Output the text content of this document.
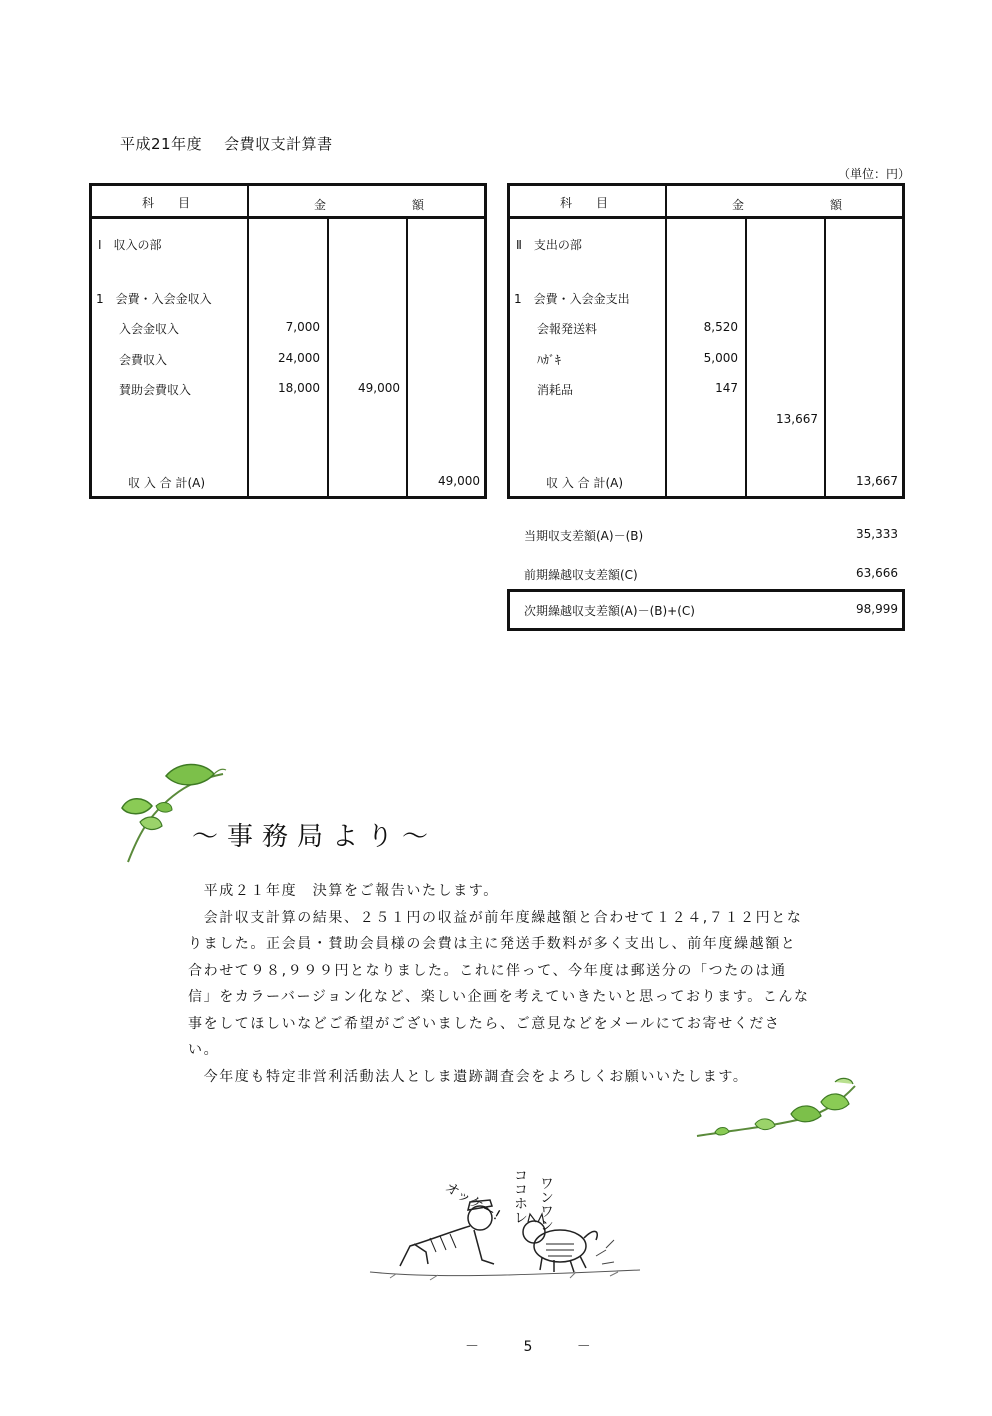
平成21年度 会費収支計算書
（単位：円）
科　　目	金	額
Ⅰ　収入の部
1　会費・入会金収入
入会金収入	7,000
会費収入	24,000
賛助会費収入	18,000	49,000
収 入 合 計(A)	49,000
科　　目	金	額
Ⅱ　支出の部
1　会費・入会金支出
会報発送料	8,520
ﾊｶﾞｷ	5,000
消耗品	147
13,667
収 入 合 計(A)	13,667
当期収支差額(A)－(B)	35,333
前期繰越収支差額(C)	63,666
次期繰越収支差額(A)－(B)+(C)	98,999
～事務局より～

　平成２１年度　決算をご報告いたします。

　会計収支計算の結果、２５１円の収益が前年度繰越額と合わせて１２４,７１２円となりました。正会員・賛助会員様の会費は主に発送手数料が多く支出し、前年度繰越額と合わせて９８,９９９円となりました。これに伴って、今年度は郵送分の「つたのは通信」をカラーバージョン化など、楽しい企画を考えていきたいと思っております。こんな事をしてほしいなどご希望がございましたら、ご意見などをメールにてお寄せください。

　今年度も特定非営利活動法人としま遺跡調査会をよろしくお願いいたします。

オッケー! ココホレ ワンワン
－ 5 －
